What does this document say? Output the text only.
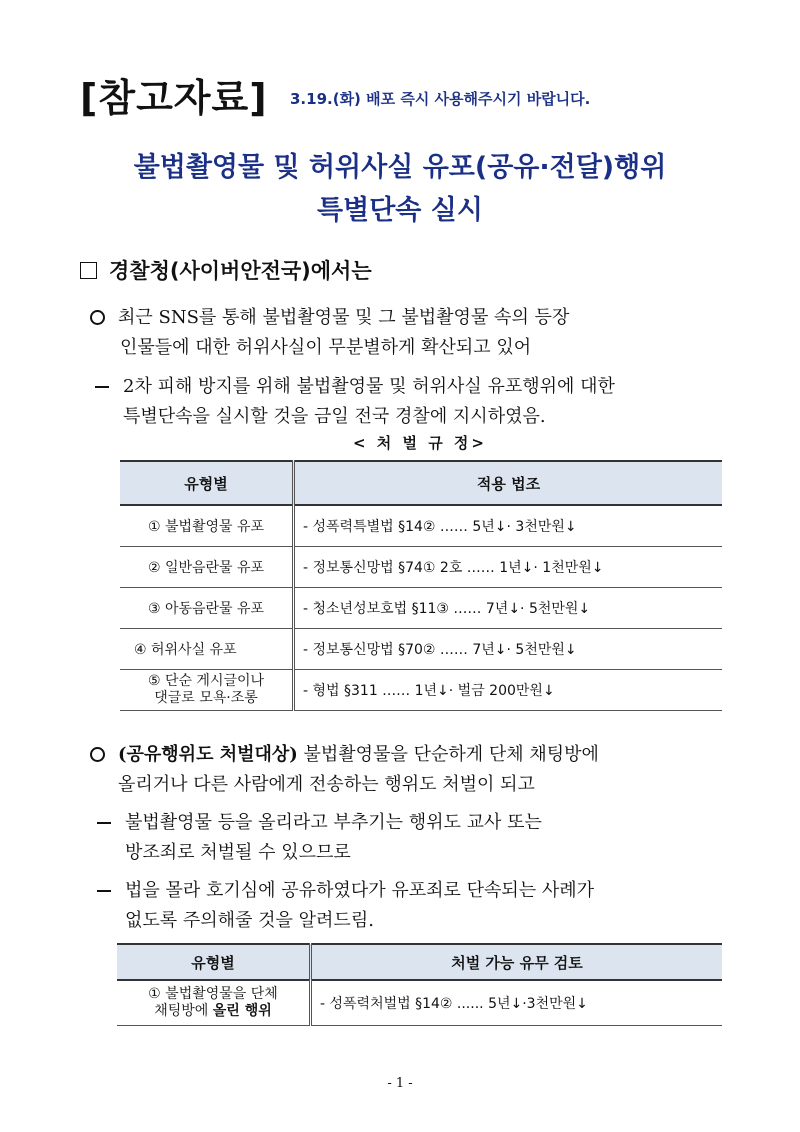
[참고자료] 3.19.(화) 배포 즉시 사용해주시기 바랍니다.
불법촬영물 및 허위사실 유포(공유·전달)행위
특별단속 실시
경찰청(사이버안전국)에서는
최근 SNS를 통해 불법촬영물 및 그 불법촬영물 속의 등장
인물들에 대한 허위사실이 무분별하게 확산되고 있어
2차 피해 방지를 위해 불법촬영물 및 허위사실 유포행위에 대한
특별단속을 실시할 것을 금일 전국 경찰에 지시하였음.
< 처 벌 규 정>
유형별	적용 법조
① 불법촬영물 유포	- 성폭력특별법 §14② …… 5년↓· 3천만원↓
② 일반음란물 유포	- 정보통신망법 §74① 2호 …… 1년↓· 1천만원↓
③ 아동음란물 유포	- 청소년성보호법 §11③ …… 7년↓· 5천만원↓
④ 허위사실 유포	- 정보통신망법 §70② …… 7년↓· 5천만원↓

⑤ 단순 게시글이나
댓글로 모욕·조롱	- 형법 §311 …… 1년↓· 벌금 200만원↓
(공유행위도 처벌대상) 불법촬영물을 단순하게 단체 채팅방에
올리거나 다른 사람에게 전송하는 행위도 처벌이 되고
불법촬영물 등을 올리라고 부추기는 행위도 교사 또는
방조죄로 처벌될 수 있으므로
법을 몰라 호기심에 공유하였다가 유포죄로 단속되는 사례가
없도록 주의해줄 것을 알려드림.
유형별	처벌 가능 유무 검토

① 불법촬영물을 단체
채팅방에 올린 행위	- 성폭력처벌법 §14② ...... 5년↓·3천만원↓
- 1 -
